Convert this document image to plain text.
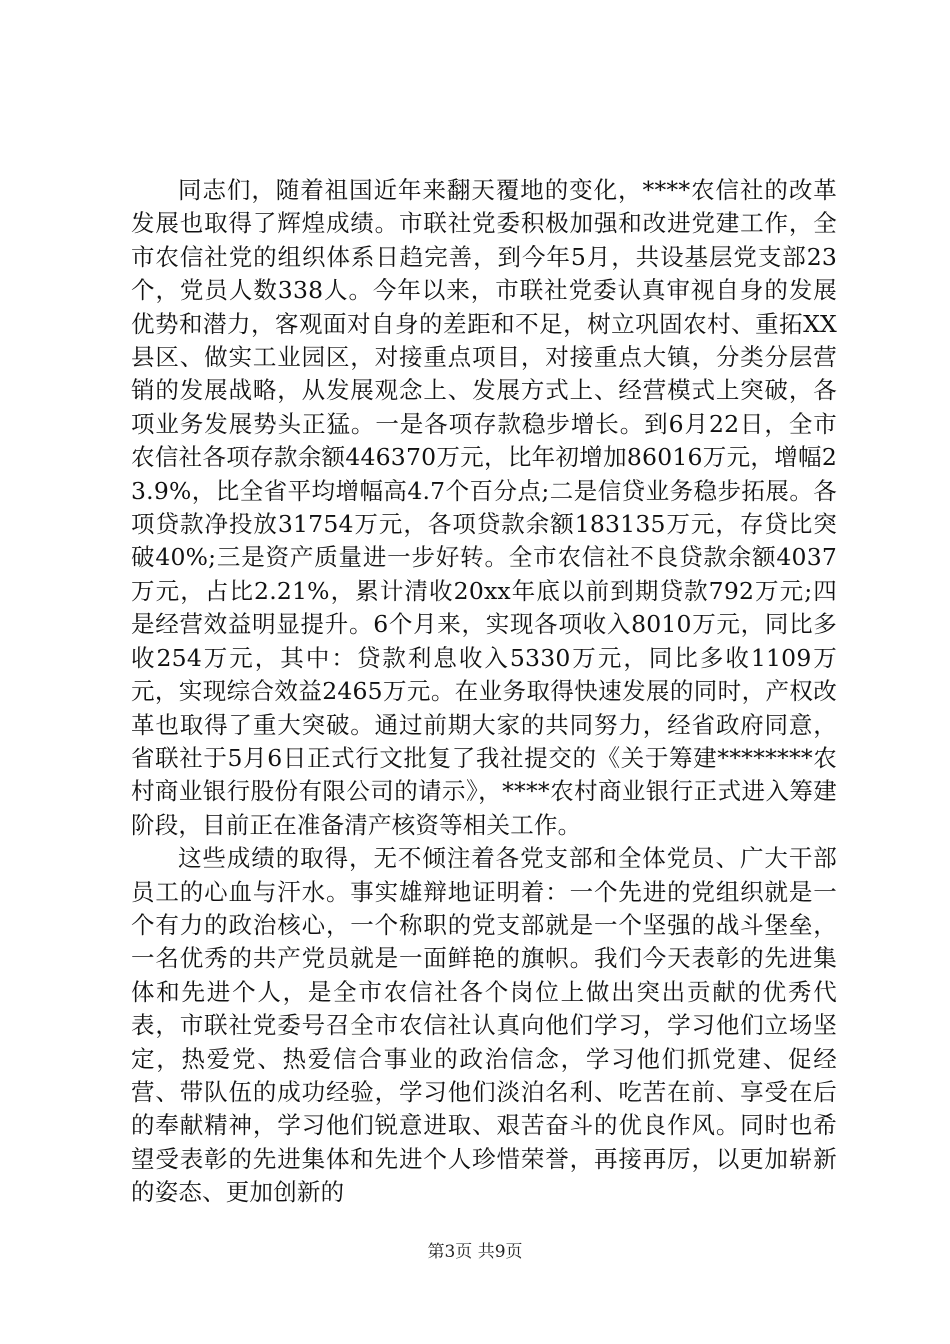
同志们，随着祖国近年来翻天覆地的变化，****农信社的改革发展也取得了辉煌成绩。市联社党委积极加强和改进党建工作，全市农信社党的组织体系日趋完善，到今年5月，共设基层党支部23个，党员人数338人。今年以来，市联社党委认真审视自身的发展优势和潜力，客观面对自身的差距和不足，树立巩固农村、重拓XX县区、做实工业园区，对接重点项目，对接重点大镇，分类分层营销的发展战略，从发展观念上、发展方式上、经营模式上突破，各项业务发展势头正猛。一是各项存款稳步增长。到6月22日，全市农信社各项存款余额446370万元，比年初增加86016万元，增幅23.9%，比全省平均增幅高4.7个百分点;二是信贷业务稳步拓展。各项贷款净投放31754万元，各项贷款余额183135万元，存贷比突破40%;三是资产质量进一步好转。全市农信社不良贷款余额4037万元，占比2.21%，累计清收20xx年底以前到期贷款792万元;四是经营效益明显提升。6个月来，实现各项收入8010万元，同比多收254万元，其中：贷款利息收入5330万元，同比多收1109万元，实现综合效益2465万元。在业务取得快速发展的同时，产权改革也取得了重大突破。通过前期大家的共同努力，经省政府同意，省联社于5月6日正式行文批复了我社提交的《关于筹建********农村商业银行股份有限公司的请示》，****农村商业银行正式进入筹建阶段，目前正在准备清产核资等相关工作。

这些成绩的取得，无不倾注着各党支部和全体党员、广大干部员工的心血与汗水。事实雄辩地证明着：一个先进的党组织就是一个有力的政治核心，一个称职的党支部就是一个坚强的战斗堡垒，一名优秀的共产党员就是一面鲜艳的旗帜。我们今天表彰的先进集体和先进个人，是全市农信社各个岗位上做出突出贡献的优秀代表，市联社党委号召全市农信社认真向他们学习，学习他们立场坚定，热爱党、热爱信合事业的政治信念，学习他们抓党建、促经营、带队伍的成功经验，学习他们淡泊名利、吃苦在前、享受在后的奉献精神，学习他们锐意进取、艰苦奋斗的优良作风。同时也希望受表彰的先进集体和先进个人珍惜荣誉，再接再厉，以更加崭新的姿态、更加创新的

第3页 共9页
